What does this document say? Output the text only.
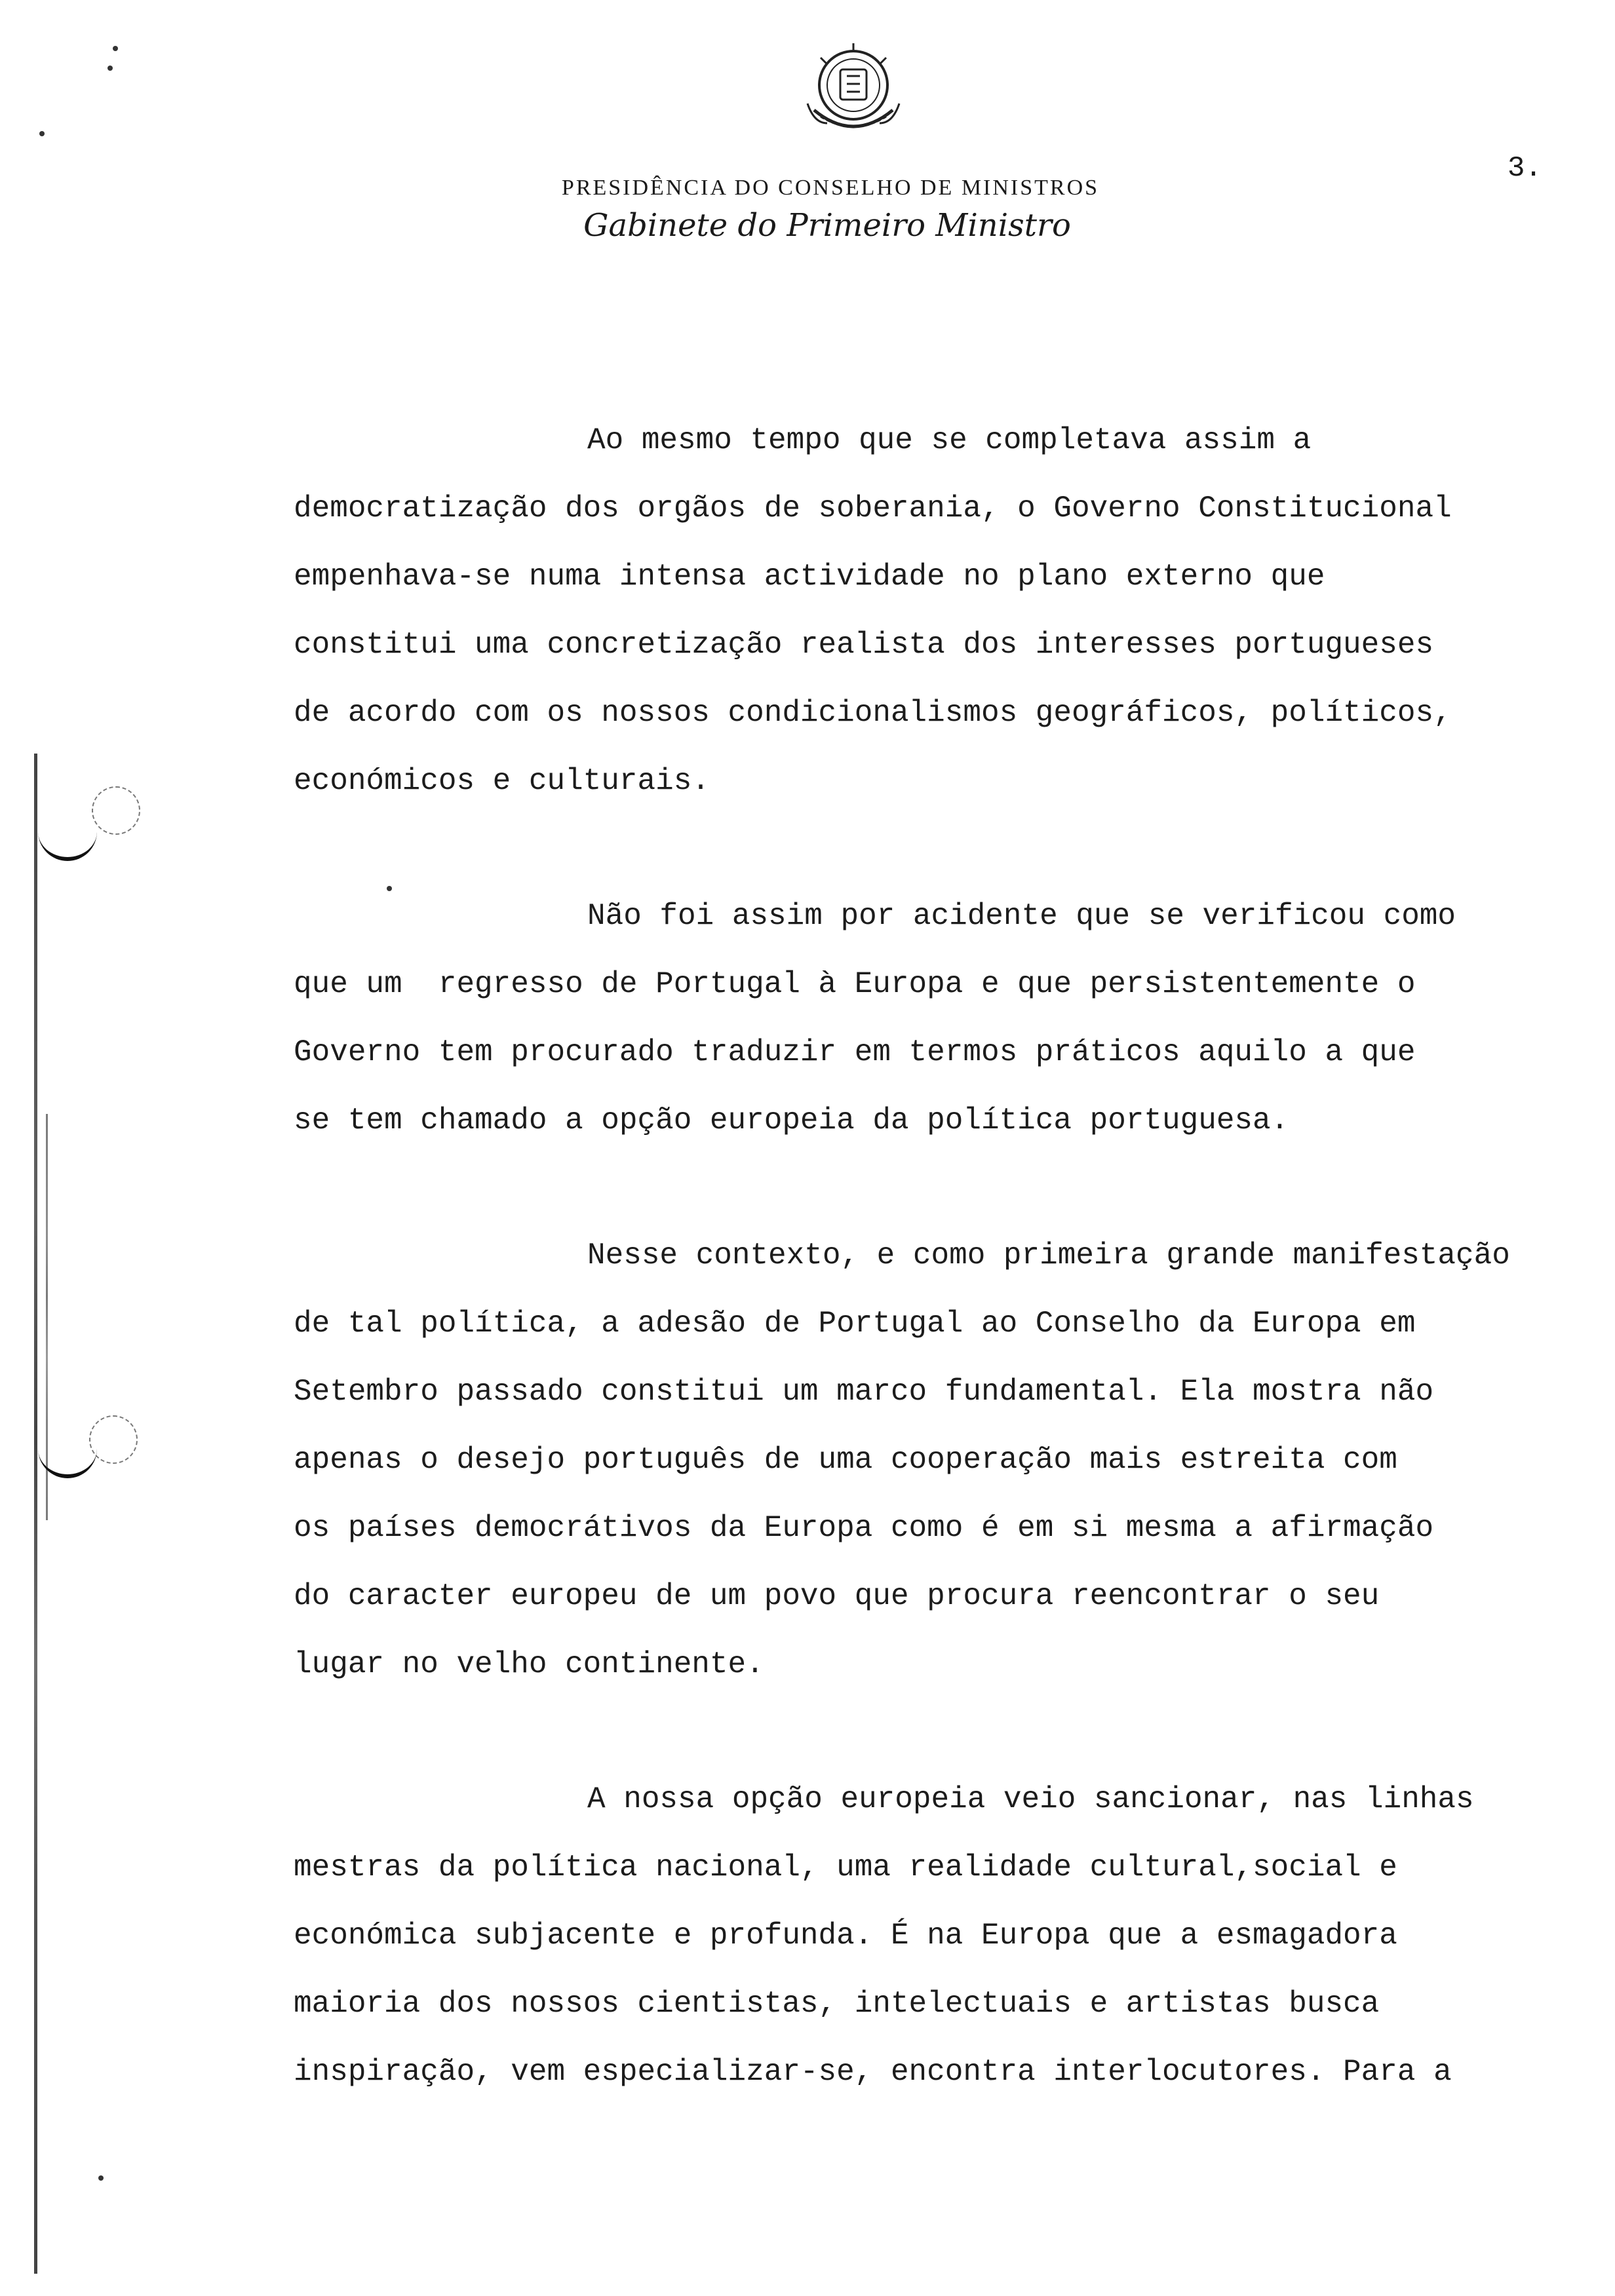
PRESIDÊNCIA DO CONSELHO DE MINISTROS
Gabinete do Primeiro Ministro
3.
Ao mesmo tempo que se completava assim a
democratização dos orgãos de soberania, o Governo Constitucional
empenhava-se numa intensa actividade no plano externo que
constitui uma concretização realista dos interesses portugueses
de acordo com os nossos condicionalismos geográficos, políticos,
económicos e culturais.
Não foi assim por acidente que se verificou como
que um  regresso de Portugal à Europa e que persistentemente o
Governo tem procurado traduzir em termos práticos aquilo a que
se tem chamado a opção europeia da política portuguesa.
Nesse contexto, e como primeira grande manifestação
de tal política, a adesão de Portugal ao Conselho da Europa em
Setembro passado constitui um marco fundamental. Ela mostra não
apenas o desejo português de uma cooperação mais estreita com
os países democrátivos da Europa como é em si mesma a afirmação
do caracter europeu de um povo que procura reencontrar o seu
lugar no velho continente.
A nossa opção europeia veio sancionar, nas linhas
mestras da política nacional, uma realidade cultural,social e
económica subjacente e profunda. É na Europa que a esmagadora
maioria dos nossos cientistas, intelectuais e artistas busca
inspiração, vem especializar-se, encontra interlocutores. Para a
